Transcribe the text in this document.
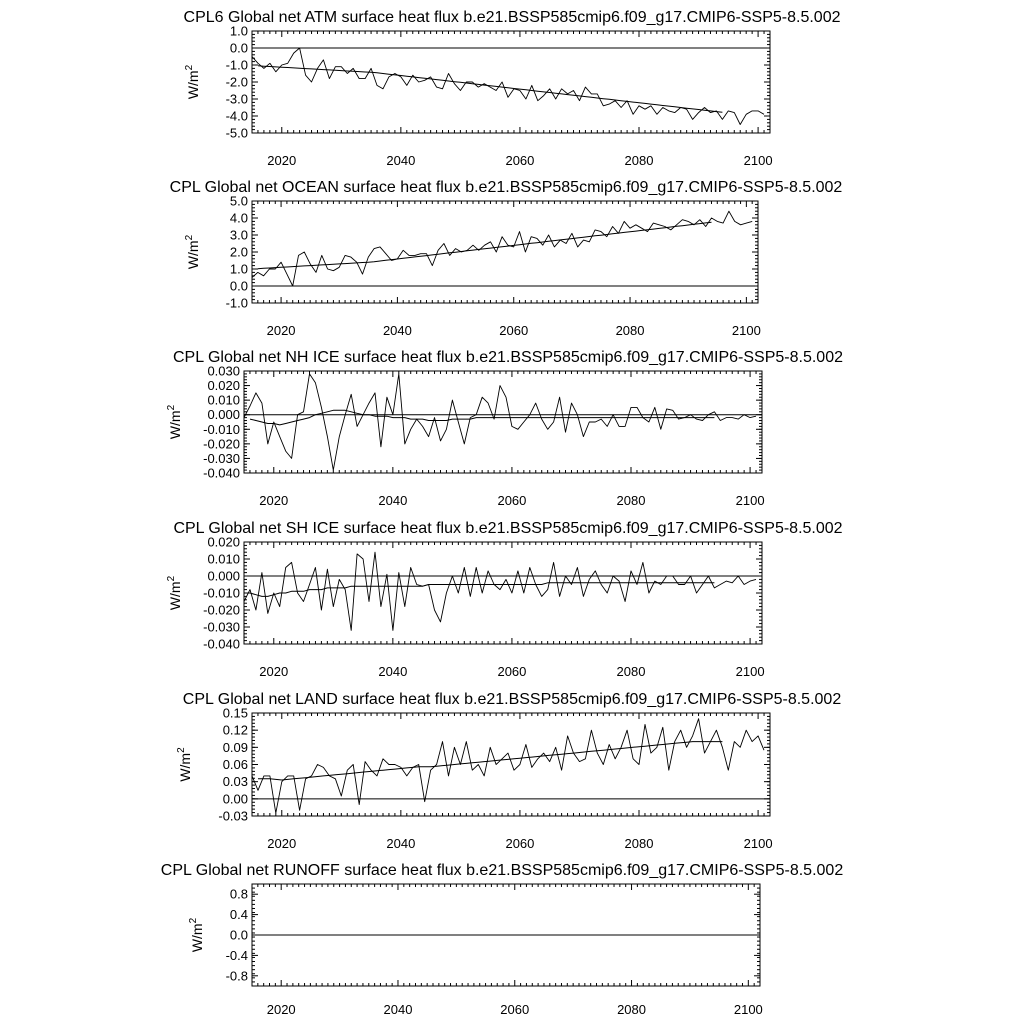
CPL6 Global net ATM surface heat flux b.e21.BSSP585cmip6.f09_g17.CMIP6-SSP5-8.5.002
2020	2040	2060	2080	2100
1.0
0.0
-1.0
-2.0
-3.0
-4.0
-5.0
$W/m^2$
CPL Global net OCEAN surface heat flux b.e21.BSSP585cmip6.f09_g17.CMIP6-SSP5-8.5.002
2020	2040	2060	2080	2100
5.0
4.0
3.0
2.0
1.0
0.0
-1.0
$W/m^2$
CPL Global net NH ICE surface heat flux b.e21.BSSP585cmip6.f09_g17.CMIP6-SSP5-8.5.002
2020	2040	2060	2080	2100
0.030
0.020
0.010
0.000
-0.010
-0.020
-0.030
-0.040
$W/m^2$
CPL Global net SH ICE surface heat flux b.e21.BSSP585cmip6.f09_g17.CMIP6-SSP5-8.5.002
2020	2040	2060	2080	2100
0.020
0.010
0.000
-0.010
-0.020
-0.030
-0.040
$W/m^2$
CPL Global net LAND surface heat flux b.e21.BSSP585cmip6.f09_g17.CMIP6-SSP5-8.5.002
2020	2040	2060	2080	2100
0.15
0.12
0.09
0.06
0.03
0.00
-0.03
$W/m^2$
CPL Global net RUNOFF surface heat flux b.e21.BSSP585cmip6.f09_g17.CMIP6-SSP5-8.5.002
2020	2040	2060	2080	2100
0.8
0.4
0.0
-0.4
-0.8
$W/m^2$
